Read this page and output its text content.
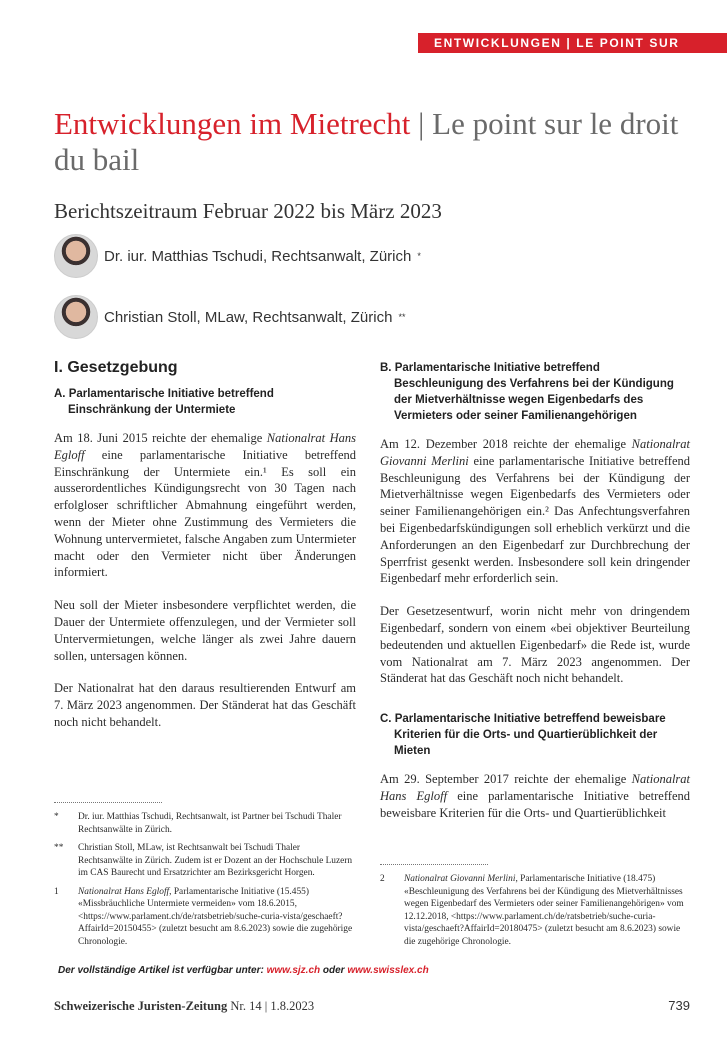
ENTWICKLUNGEN | LE POINT SUR
Entwicklungen im Mietrecht | Le point sur le droit du bail
Berichtszeitraum Februar 2022 bis März 2023
Dr. iur. Matthias Tschudi, Rechtsanwalt, Zürich *
Christian Stoll, MLaw, Rechtsanwalt, Zürich **
I. Gesetzgebung
A. Parlamentarische Initiative betreffend Einschränkung der Untermiete

Am 18. Juni 2015 reichte der ehemalige Nationalrat Hans Egloff eine parlamentarische Initiative betreffend Einschränkung der Untermiete ein.¹ Es soll ein ausserordentliches Kündigungsrecht von 30 Tagen nach erfolgloser schriftlicher Abmahnung eingeführt werden, wenn der Mieter ohne Zustimmung des Vermieters die Wohnung untervermietet, falsche Angaben zum Untermieter macht oder den Vermieter nicht über Änderungen informiert.

Neu soll der Mieter insbesondere verpflichtet werden, die Dauer der Untermiete offenzulegen, und der Vermieter soll Untervermietungen, welche länger als zwei Jahre dauern sollen, untersagen können.

Der Nationalrat hat den daraus resultierenden Entwurf am 7. März 2023 angenommen. Der Ständerat hat das Geschäft noch nicht behandelt.

*	Dr. iur. Matthias Tschudi, Rechtsanwalt, ist Partner bei Tschudi Thaler Rechtsanwälte in Zürich.
**	Christian Stoll, MLaw, ist Rechtsanwalt bei Tschudi Thaler Rechtsanwälte in Zürich. Zudem ist er Dozent an der Hochschule Luzern im CAS Baurecht und Ersatzrichter am Bezirksgericht Horgen.
1	Nationalrat Hans Egloff, Parlamentarische Initiative (15.455) «Missbräuchliche Untermiete vermeiden» vom 18.6.2015, <https://www.parlament.ch/de/ratsbetrieb/suche-curia-vista/geschaeft?AffairId=20150455> (zuletzt besucht am 8.6.2023) sowie die zugehörige Chronologie.
B. Parlamentarische Initiative betreffend Beschleunigung des Verfahrens bei der Kündigung der Mietverhältnisse wegen Eigenbedarfs des Vermieters oder seiner Familienangehörigen

Am 12. Dezember 2018 reichte der ehemalige Nationalrat Giovanni Merlini eine parlamentarische Initiative betreffend Beschleunigung des Verfahrens bei der Kündigung der Mietverhältnisse wegen Eigenbedarfs des Vermieters oder seiner Familienangehörigen ein.² Das Anfechtungsverfahren bei Eigenbedarfskündigungen soll erheblich verkürzt und die Anforderungen an den Eigenbedarf zur Durchbrechung der Sperrfrist gesenkt werden. Insbesondere soll kein dringender Eigenbedarf mehr erforderlich sein.

Der Gesetzesentwurf, worin nicht mehr von dringendem Eigenbedarf, sondern von einem «bei objektiver Beurteilung bedeutenden und aktuellen Eigenbedarf» die Rede ist, wurde vom Nationalrat am 7. März 2023 angenommen. Der Ständerat hat das Geschäft noch nicht behandelt.

C. Parlamentarische Initiative betreffend beweisbare Kriterien für die Orts- und Quartierüblichkeit der Mieten

Am 29. September 2017 reichte der ehemalige Nationalrat Hans Egloff eine parlamentarische Initiative betreffend beweisbare Kriterien für die Orts- und Quartierüblichkeit

2	Nationalrat Giovanni Merlini, Parlamentarische Initiative (18.475) «Beschleunigung des Verfahrens bei der Kündigung des Mietverhältnisses wegen Eigenbedarf des Vermieters oder seiner Familienangehörigen» vom 12.12.2018, <https://www.parlament.ch/de/ratsbetrieb/suche-curia-vista/geschaeft?AffairId=20180475> (zuletzt besucht am 8.6.2023) sowie die zugehörige Chronologie.
Der vollständige Artikel ist verfügbar unter: www.sjz.ch oder www.swisslex.ch
Schweizerische Juristen-Zeitung Nr. 14 | 1.8.2023	739
